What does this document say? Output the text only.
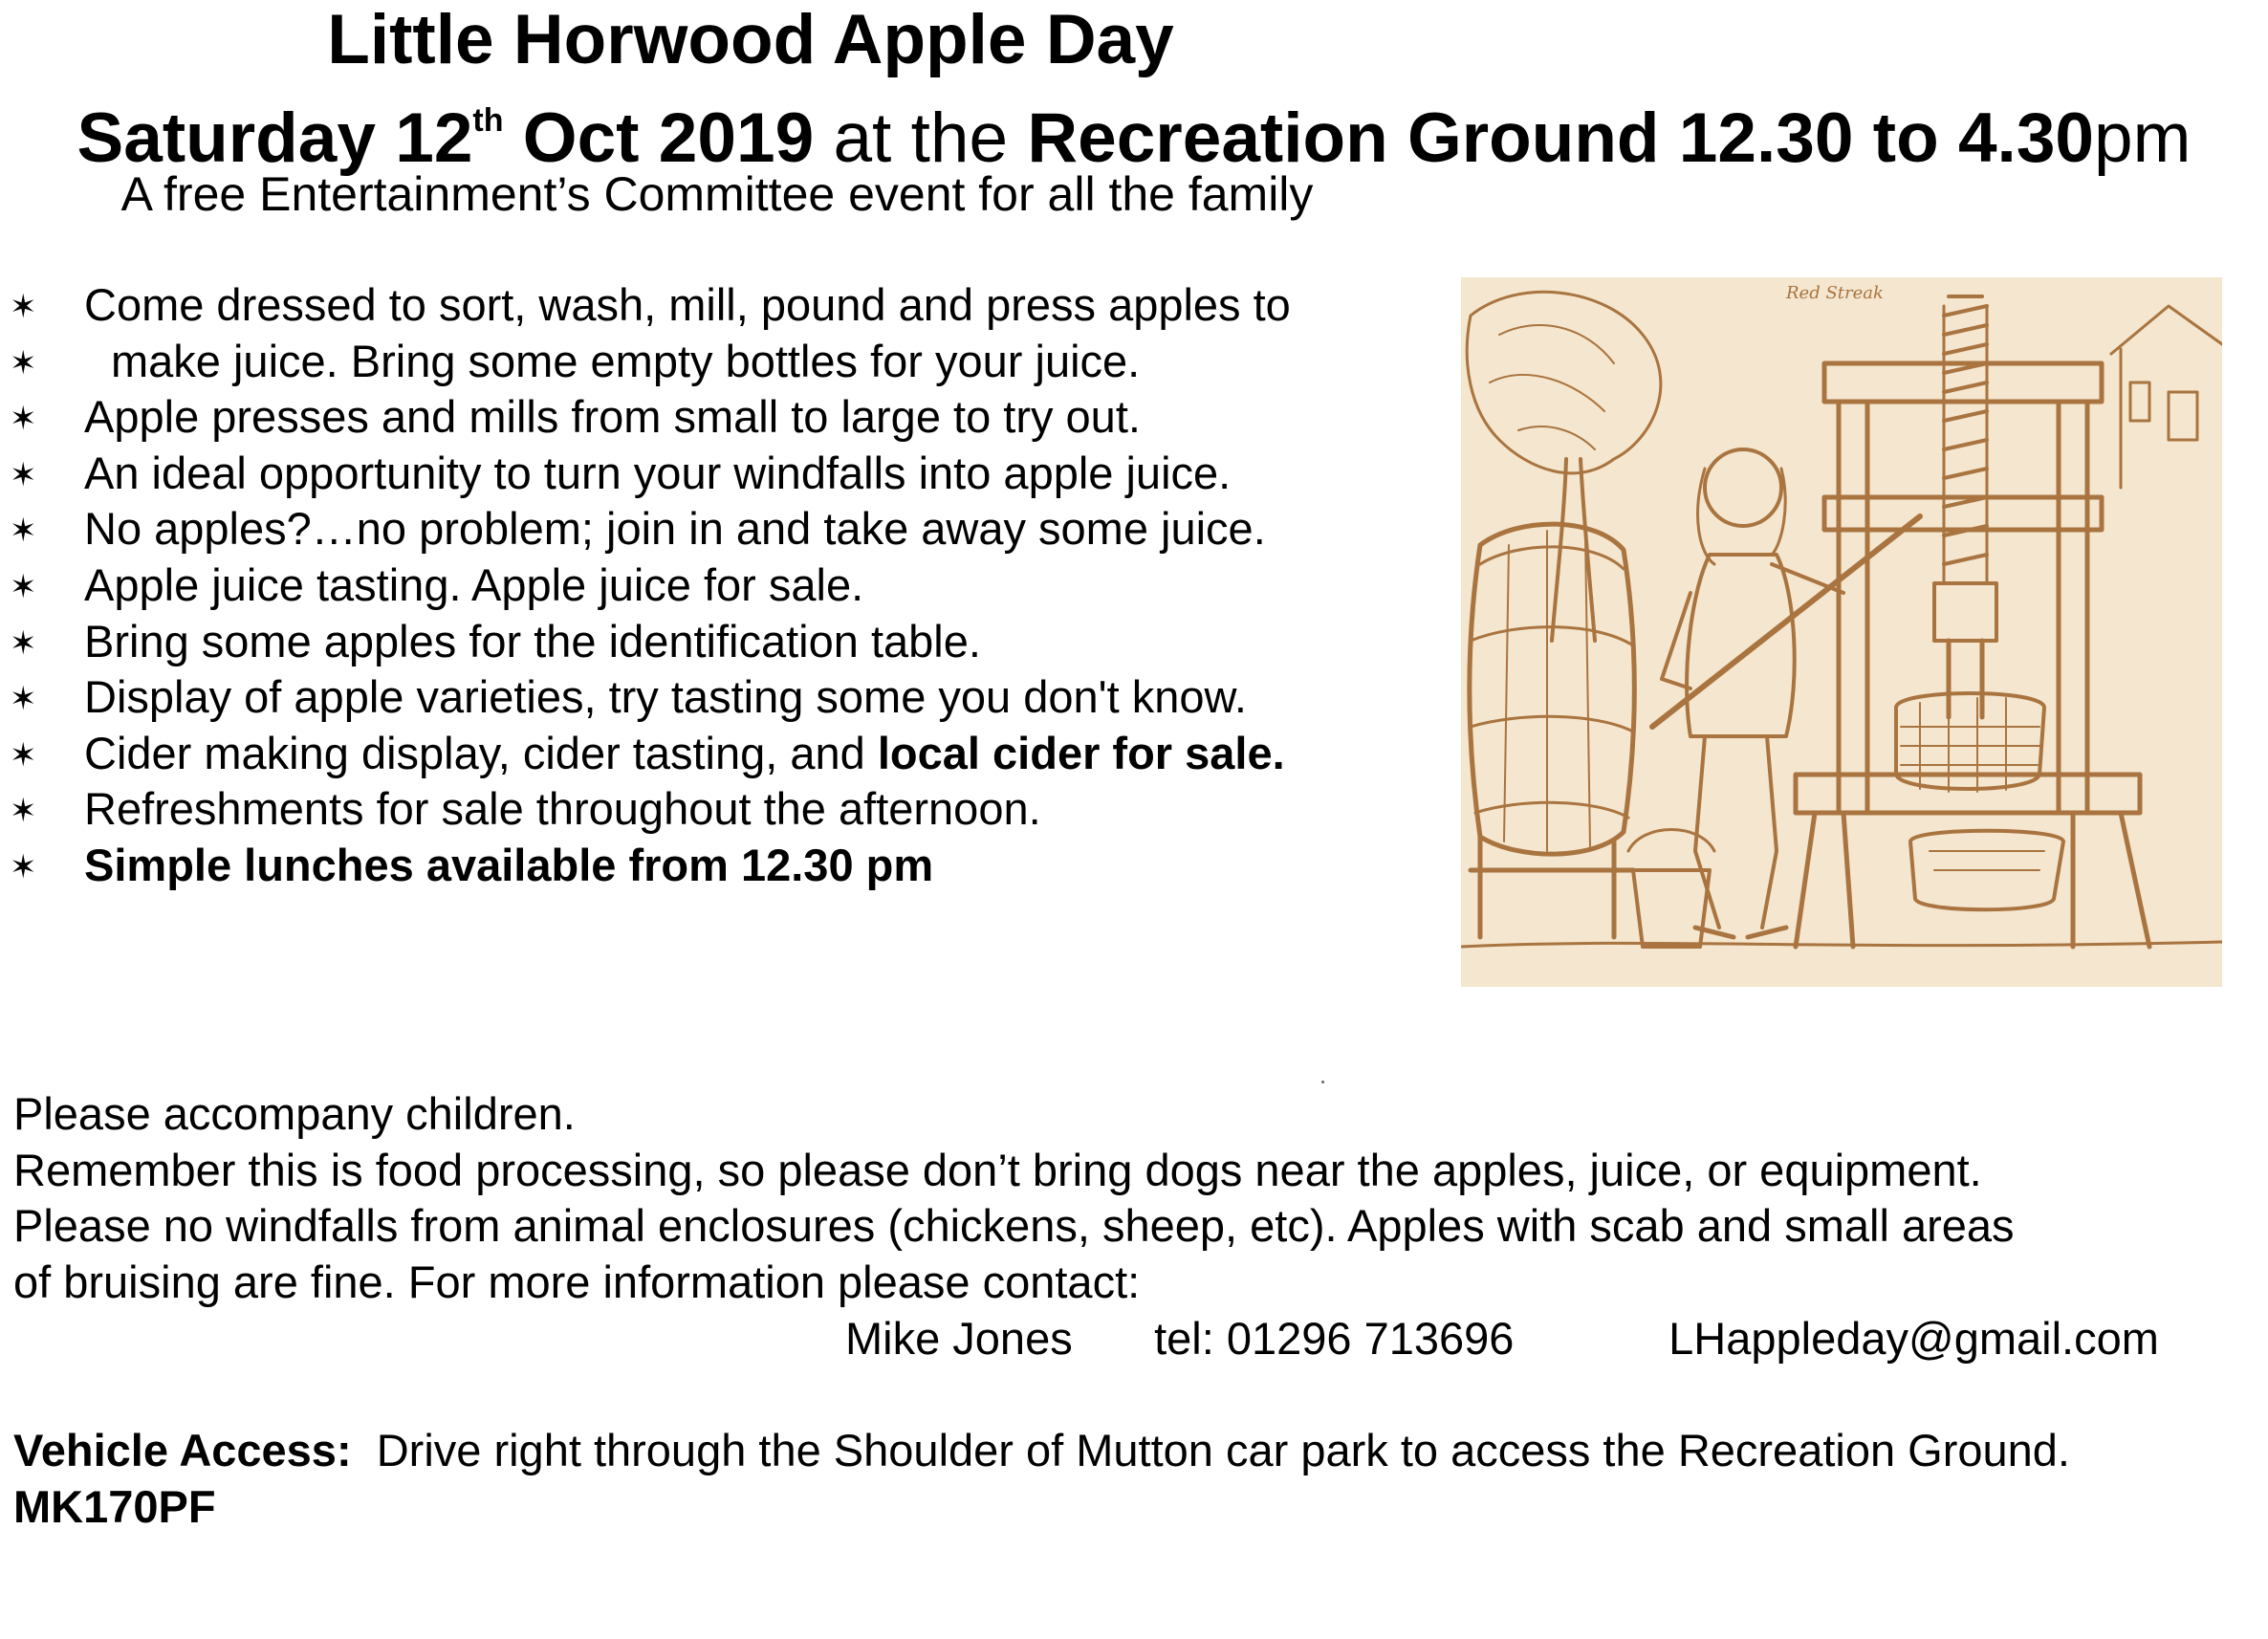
Little Horwood Apple Day
Saturday 12th Oct 2019 at the Recreation Ground 12.30 to 4.30pm
A free Entertainment’s Committee event for all the family
✶ Come dressed to sort, wash, mill, pound and press apples to
✶ make juice. Bring some empty bottles for your juice.
✶ Apple presses and mills from small to large to try out.
✶ An ideal opportunity to turn your windfalls into apple juice.
✶ No apples?…no problem; join in and take away some juice.
✶ Apple juice tasting. Apple juice for sale.
✶ Bring some apples for the identification table.
✶ Display of apple varieties, try tasting some you don't know.
✶ Cider making display, cider tasting, and local cider for sale.
✶ Refreshments for sale throughout the afternoon.
✶ Simple lunches available from 12.30 pm
Red Streak
Please accompany children.
Remember this is food processing, so please don’t bring dogs near the apples, juice, or equipment.
Please no windfalls from animal enclosures (chickens, sheep, etc). Apples with scab and small areas
of bruising are fine. For more information please contact:
Mike Jones tel: 01296 713696	LHappleday@gmail.com
Vehicle Access:  Drive right through the Shoulder of Mutton car park to access the Recreation Ground.
MK170PF
